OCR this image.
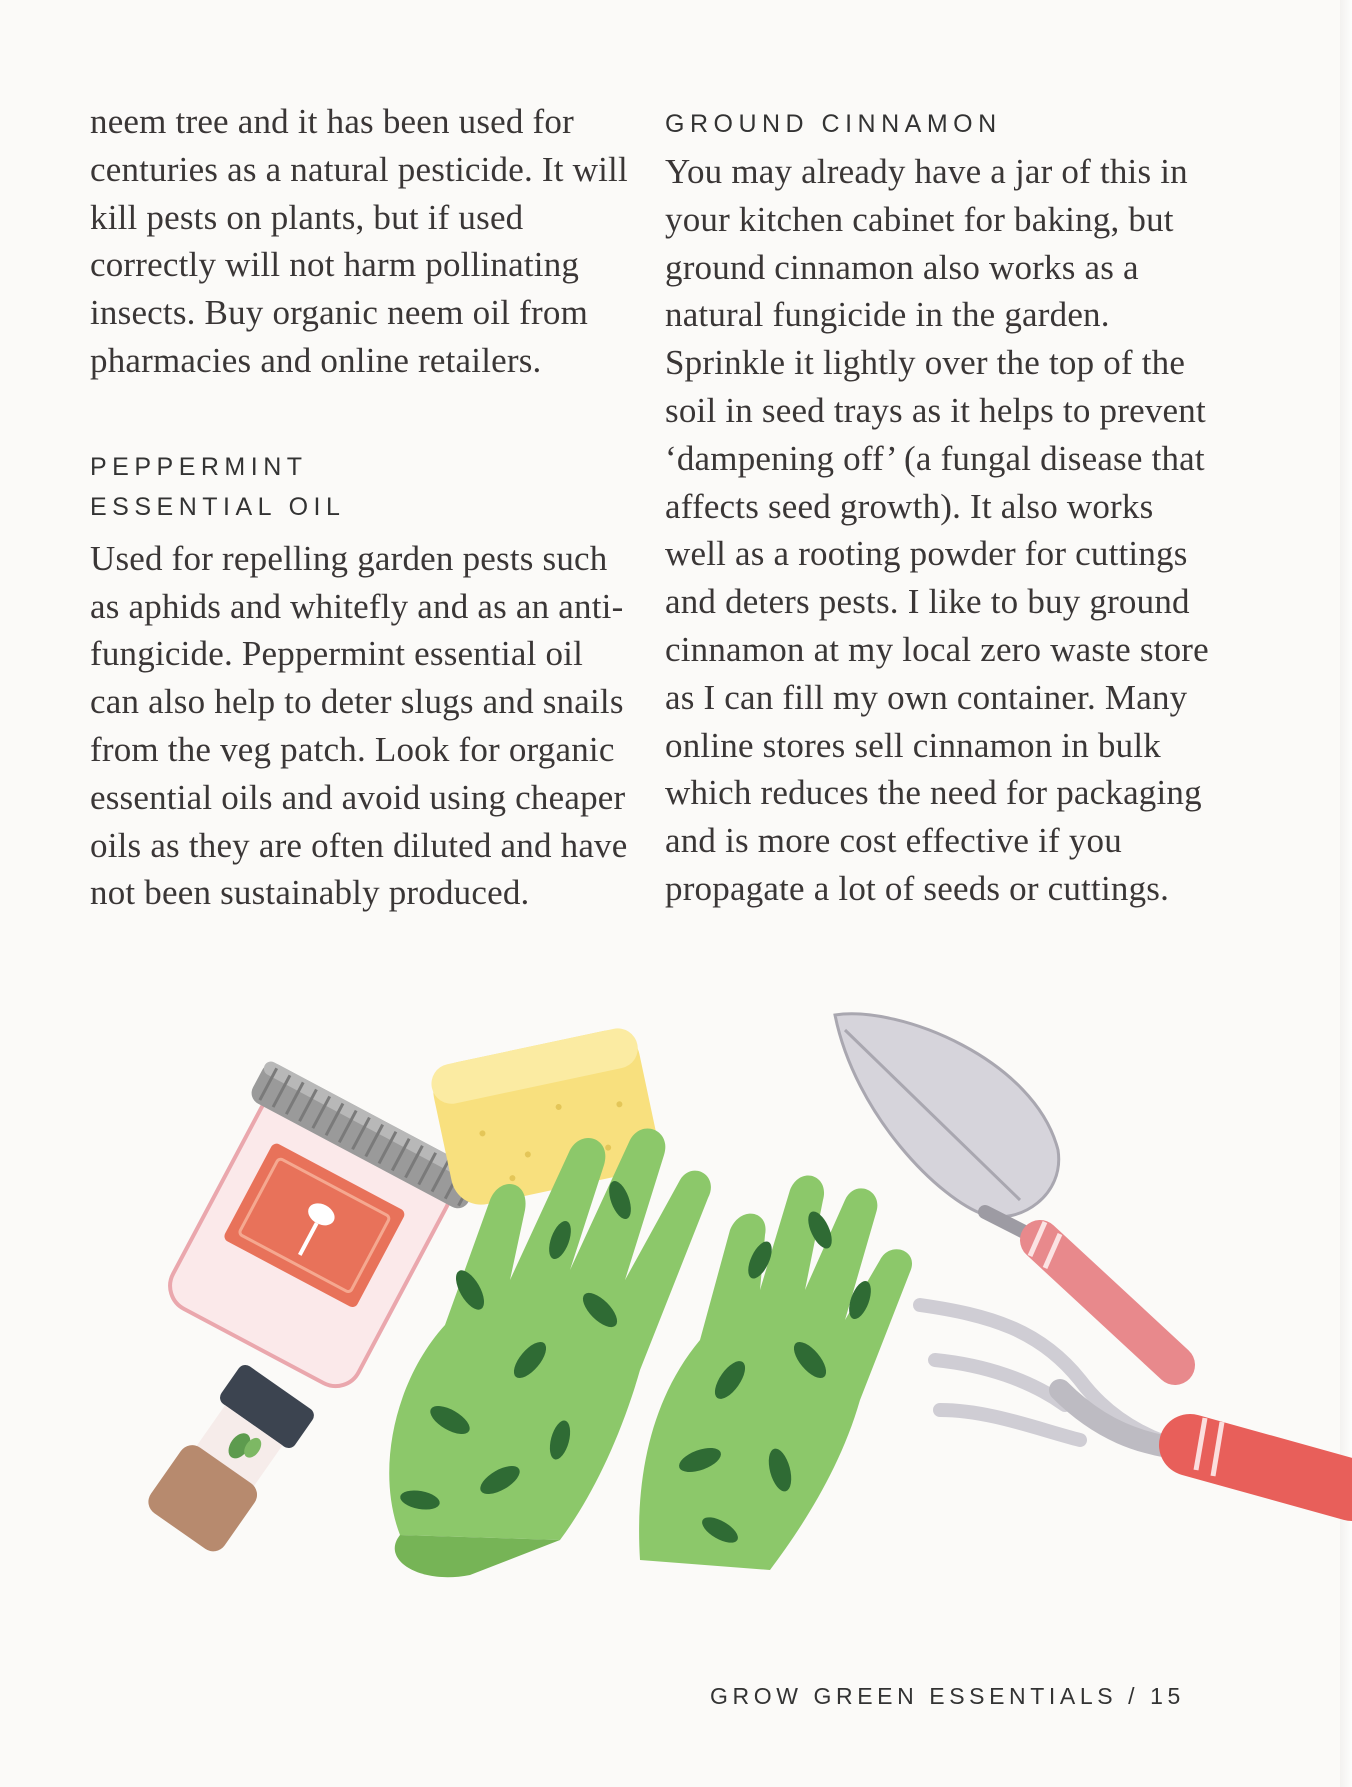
neem tree and it has been used for centuries as a natural pesticide. It will kill pests on plants, but if used correctly will not harm pollinating insects. Buy organic neem oil from pharmacies and online retailers.

PEPPERMINT
ESSENTIAL OIL

Used for repelling garden pests such as aphids and whitefly and as an anti-fungicide. Peppermint essential oil can also help to deter slugs and snails from the veg patch. Look for organic essential oils and avoid using cheaper oils as they are often diluted and have not been sustainably produced.

GROUND CINNAMON

You may already have a jar of this in your kitchen cabinet for baking, but ground cinnamon also works as a natural fungicide in the garden. Sprinkle it lightly over the top of the soil in seed trays as it helps to prevent ‘dampening off’ (a fungal disease that affects seed growth). It also works well as a rooting powder for cuttings and deters pests. I like to buy ground cinnamon at my local zero waste store as I can fill my own container. Many online stores sell cinnamon in bulk which reduces the need for packaging and is more cost effective if you propagate a lot of seeds or cuttings.

GROW GREEN ESSENTIALS / 15
